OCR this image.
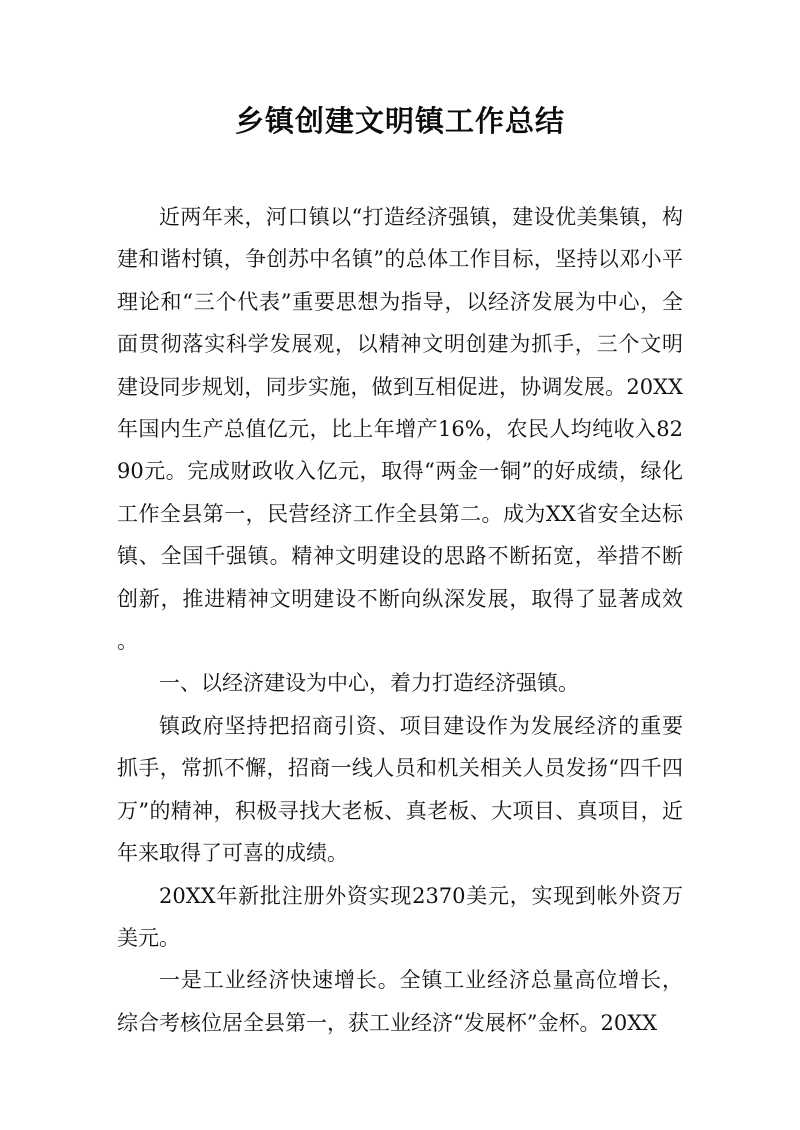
乡镇创建文明镇工作总结

近两年来，河口镇以“打造经济强镇，建设优美集镇，构建和谐村镇，争创苏中名镇”的总体工作目标，坚持以邓小平理论和“三个代表”重要思想为指导，以经济发展为中心，全面贯彻落实科学发展观，以精神文明创建为抓手，三个文明建设同步规划，同步实施，做到互相促进，协调发展。20XX年国内生产总值亿元，比上年增产16%，农民人均纯收入8290元。完成财政收入亿元，取得“两金一铜”的好成绩，绿化工作全县第一，民营经济工作全县第二。成为XX省安全达标镇、全国千强镇。精神文明建设的思路不断拓宽，举措不断创新，推进精神文明建设不断向纵深发展，取得了显著成效。

一、以经济建设为中心，着力打造经济强镇。

镇政府坚持把招商引资、项目建设作为发展经济的重要抓手，常抓不懈，招商一线人员和机关相关人员发扬“四千四万”的精神，积极寻找大老板、真老板、大项目、真项目，近年来取得了可喜的成绩。

20XX年新批注册外资实现2370美元，实现到帐外资万美元。

一是工业经济快速增长。全镇工业经济总量高位增长，综合考核位居全县第一，获工业经济“发展杯”金杯。20XX
